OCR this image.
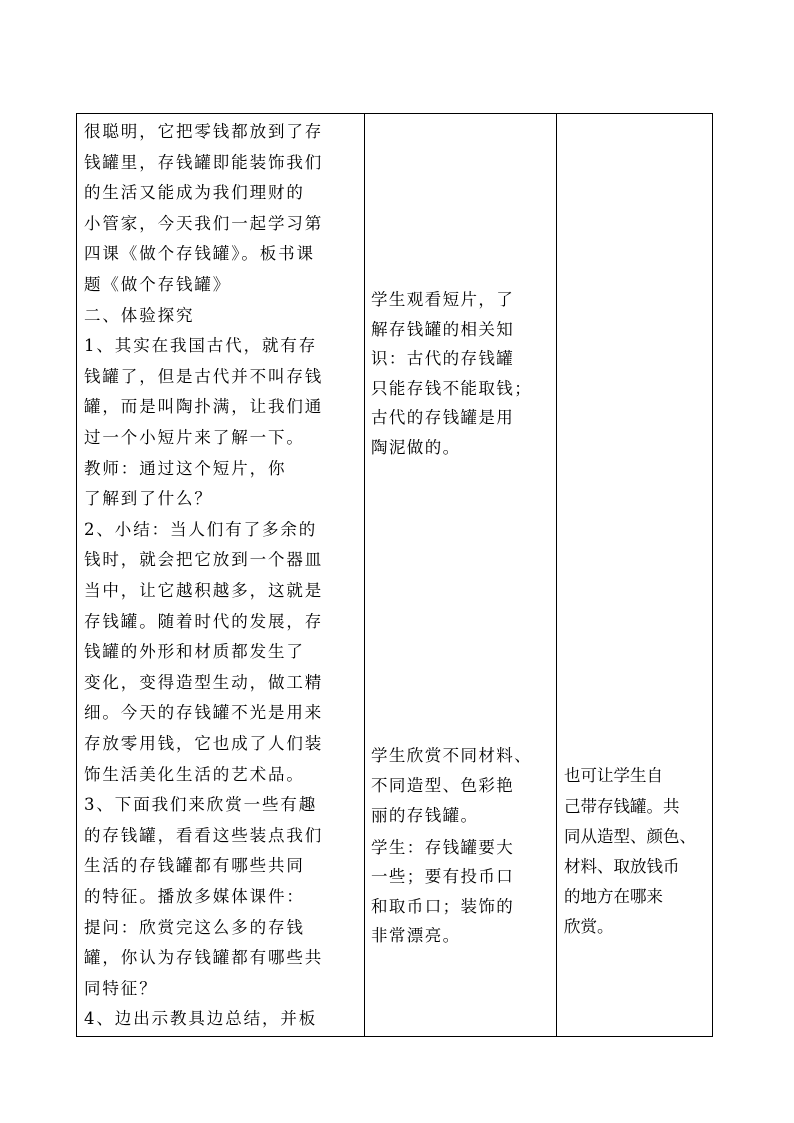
很聪明，它把零钱都放到了存
钱罐里，存钱罐即能装饰我们
的生活又能成为我们理财的
小管家，今天我们一起学习第
四课《做个存钱罐》。板书课
题《做个存钱罐》
二、体验探究
1、其实在我国古代，就有存
钱罐了，但是古代并不叫存钱
罐，而是叫陶扑满，让我们通
过一个小短片来了解一下。
教师：通过这个短片，你
了解到了什么？
2、小结：当人们有了多余的
钱时，就会把它放到一个器皿
当中，让它越积越多，这就是
存钱罐。随着时代的发展，存
钱罐的外形和材质都发生了
变化，变得造型生动，做工精
细。今天的存钱罐不光是用来
存放零用钱，它也成了人们装
饰生活美化生活的艺术品。
3、下面我们来欣赏一些有趣
的存钱罐，看看这些装点我们
生活的存钱罐都有哪些共同
的特征。播放多媒体课件：
提问：欣赏完这么多的存钱
罐，你认为存钱罐都有哪些共
同特征？
4、边出示教具边总结，并板

学生观看短片，了
解存钱罐的相关知
识：古代的存钱罐
只能存钱不能取钱；
古代的存钱罐是用
陶泥做的。
学生欣赏不同材料、
不同造型、色彩艳
丽的存钱罐。
学生：存钱罐要大
一些；要有投币口
和取币口；装饰的
非常漂亮。

也可让学生自
己带存钱罐。共
同从造型、颜色、
材料、取放钱币
的地方在哪来
欣赏。
